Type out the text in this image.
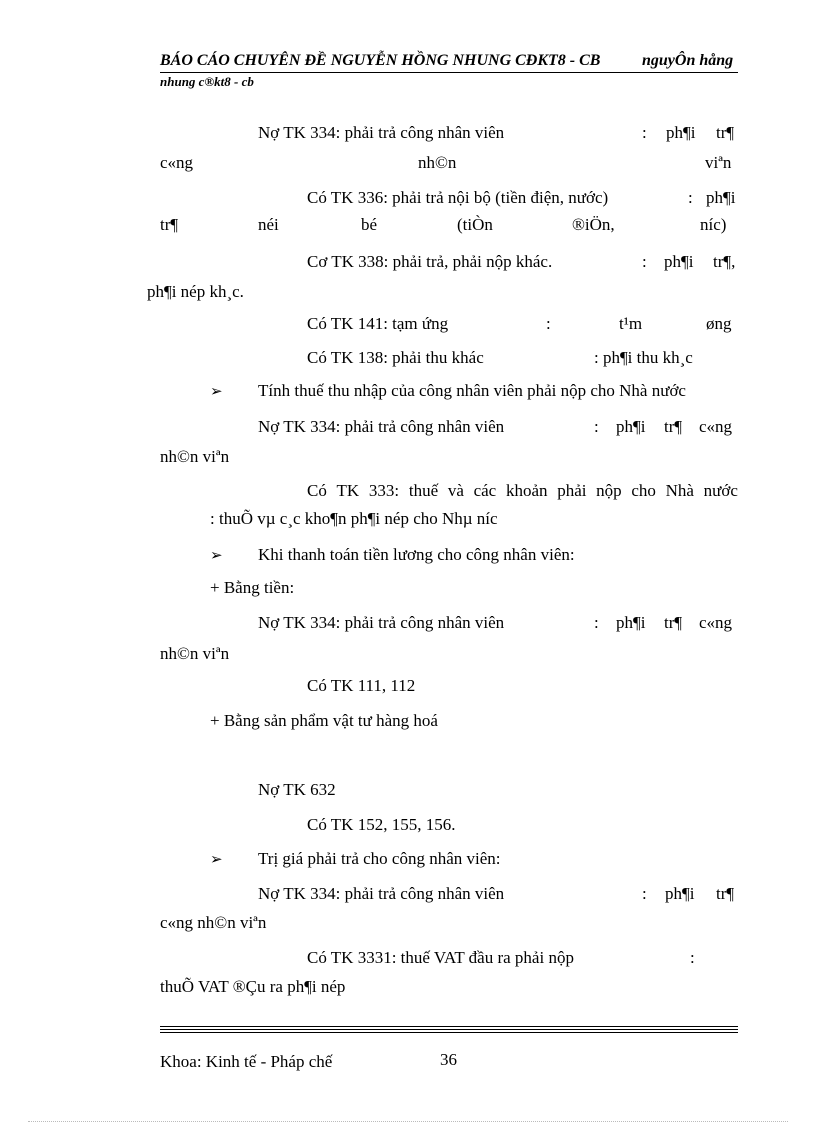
BÁO CÁO CHUYÊN ĐỀ NGUYỄN HỒNG NHUNG CĐKT8 - CB	nguyÔn hång
nhung c®kt8 - cb
Nợ TK 334: phải trả công nhân viên	: ph¶i tr¶
c«ng	nh©n	viªn
Có TK 336: phải trả nội bộ (tiền điện, nước)	: ph¶i
tr¶	néi	bé	(tiÒn	®iÖn,	níc)
Cơ TK 338: phải trả, phải nộp khác.	: ph¶i tr¶,
ph¶i nép kh¸c.
Có TK 141: tạm ứng	:	t¹m	øng
Có TK 138: phải thu khác	: ph¶i thu kh¸c
➢ Tính thuế thu nhập của công nhân viên phải nộp cho Nhà nước
Nợ TK 334: phải trả công nhân viên	: ph¶i tr¶ c«ng
nh©n viªn
Có TK 333: thuế và các khoản phải nộp cho Nhà nước
: thuÕ vµ c¸c kho¶n ph¶i nép cho Nhµ níc
➢ Khi thanh toán tiền lương cho công nhân viên:
+ Bằng tiền:
Nợ TK 334: phải trả công nhân viên	: ph¶i tr¶ c«ng
nh©n viªn
Có TK 111, 112
+ Bằng sản phẩm vật tư hàng hoá
Nợ TK 632
Có TK 152, 155, 156.
➢ Trị giá phải trả cho công nhân viên:
Nợ TK 334: phải trả công nhân viên	: ph¶i tr¶
c«ng nh©n viªn
Có TK 3331: thuế VAT đầu ra phải nộp	:
thuÕ VAT ®Çu ra ph¶i nép
Khoa: Kinh tế - Pháp chế	36
